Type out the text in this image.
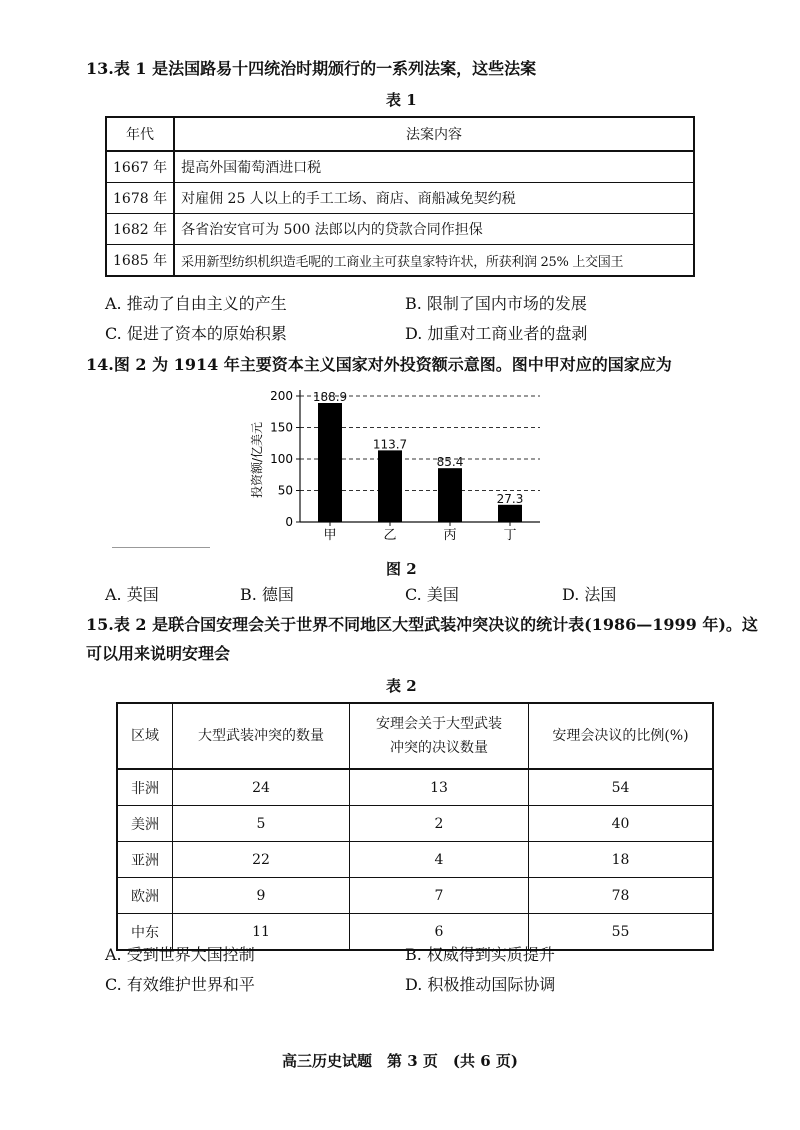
13.表 1 是法国路易十四统治时期颁行的一系列法案，这些法案
表 1
年代	法案内容
1667 年	提高外国葡萄酒进口税
1678 年	对雇佣 25 人以上的手工工场、商店、商船减免契约税
1682 年	各省治安官可为 500 法郎以内的贷款合同作担保
1685 年	采用新型纺织机织造毛呢的工商业主可获皇家特许状，所获利润 25% 上交国王
A. 推动了自由主义的产生	B. 限制了国内市场的发展
C. 促进了资本的原始积累	D. 加重对工商业者的盘剥
14.图 2 为 1914 年主要资本主义国家对外投资额示意图。图中甲对应的国家应为
0
50
100
150
200 188.9
113.7
85.4
27.3
甲	乙	丙	丁
投资额/亿美元
图 2
A. 英国	B. 德国	C. 美国	D. 法国
15.表 2 是联合国安理会关于世界不同地区大型武装冲突决议的统计表(1986—1999 年)。这
可以用来说明安理会
表 2
区域	大型武装冲突的数量	安理会关于大型武装
冲突的决议数量	安理会决议的比例(%)
非洲	24	13	54
美洲	5	2	40
亚洲	22	4	18
欧洲	9	7	78
中东	11	6	55
A. 受到世界大国控制	B. 权威得到实质提升
C. 有效维护世界和平	D. 积极推动国际协调
高三历史试题　第 3 页　(共 6 页)
